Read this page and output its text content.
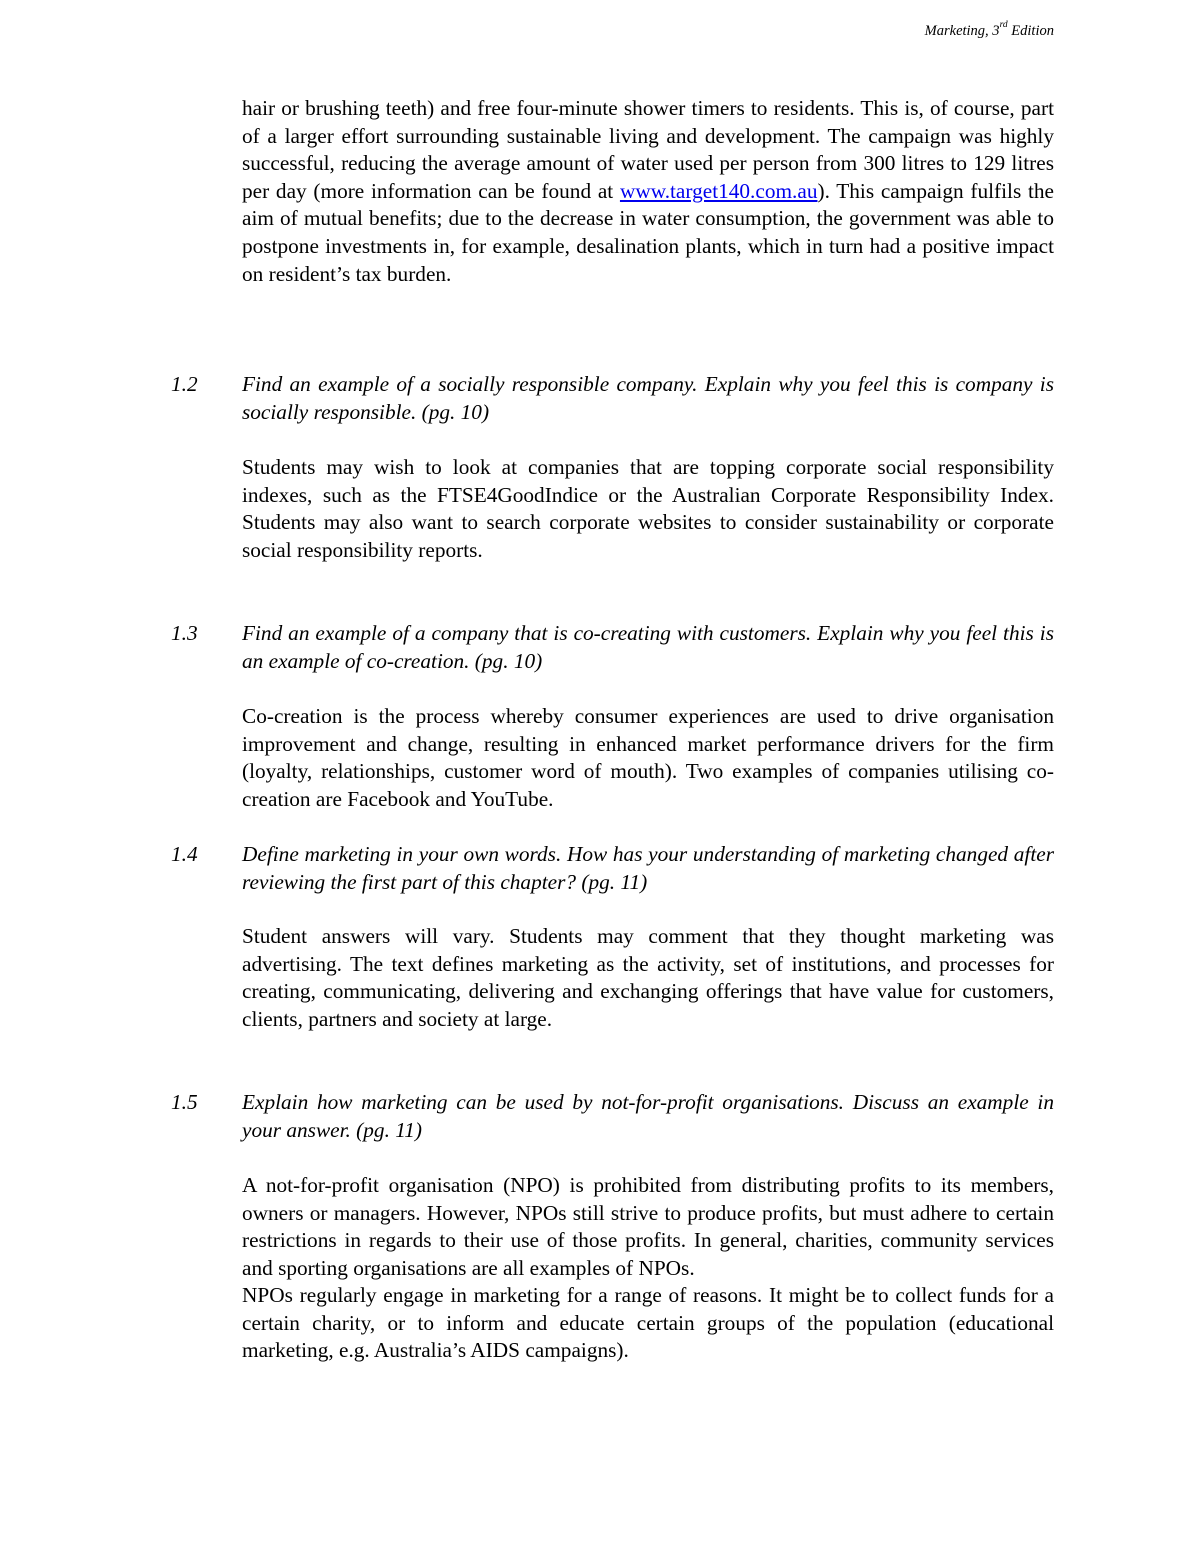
Marketing, 3rd Edition
hair or brushing teeth) and free four-minute shower timers to residents. This is, of course, part of a larger effort surrounding sustainable living and development. The campaign was highly successful, reducing the average amount of water used per person from 300 litres to 129 litres per day (more information can be found at www.target140.com.au). This campaign fulfils the aim of mutual benefits; due to the decrease in water consumption, the government was able to postpone investments in, for example, desalination plants, which in turn had a positive impact on resident’s tax burden.
1.2 Find an example of a socially responsible company. Explain why you feel this is company is socially responsible. (pg. 10)
Students may wish to look at companies that are topping corporate social responsibility indexes, such as the FTSE4GoodIndice or the Australian Corporate Responsibility Index. Students may also want to search corporate websites to consider sustainability or corporate social responsibility reports.
1.3 Find an example of a company that is co-creating with customers. Explain why you feel this is an example of co-creation. (pg. 10)
Co-creation is the process whereby consumer experiences are used to drive organisation improvement and change, resulting in enhanced market performance drivers for the firm (loyalty, relationships, customer word of mouth). Two examples of companies utilising co-creation are Facebook and YouTube.
1.4 Define marketing in your own words. How has your understanding of marketing changed after reviewing the first part of this chapter? (pg. 11)
Student answers will vary. Students may comment that they thought marketing was advertising. The text defines marketing as the activity, set of institutions, and processes for creating, communicating, delivering and exchanging offerings that have value for customers, clients, partners and society at large.
1.5 Explain how marketing can be used by not-for-profit organisations. Discuss an example in your answer. (pg. 11)
A not-for-profit organisation (NPO) is prohibited from distributing profits to its members, owners or managers. However, NPOs still strive to produce profits, but must adhere to certain restrictions in regards to their use of those profits. In general, charities, community services and sporting organisations are all examples of NPOs.
NPOs regularly engage in marketing for a range of reasons. It might be to collect funds for a certain charity, or to inform and educate certain groups of the population (educational marketing, e.g. Australia’s AIDS campaigns).
